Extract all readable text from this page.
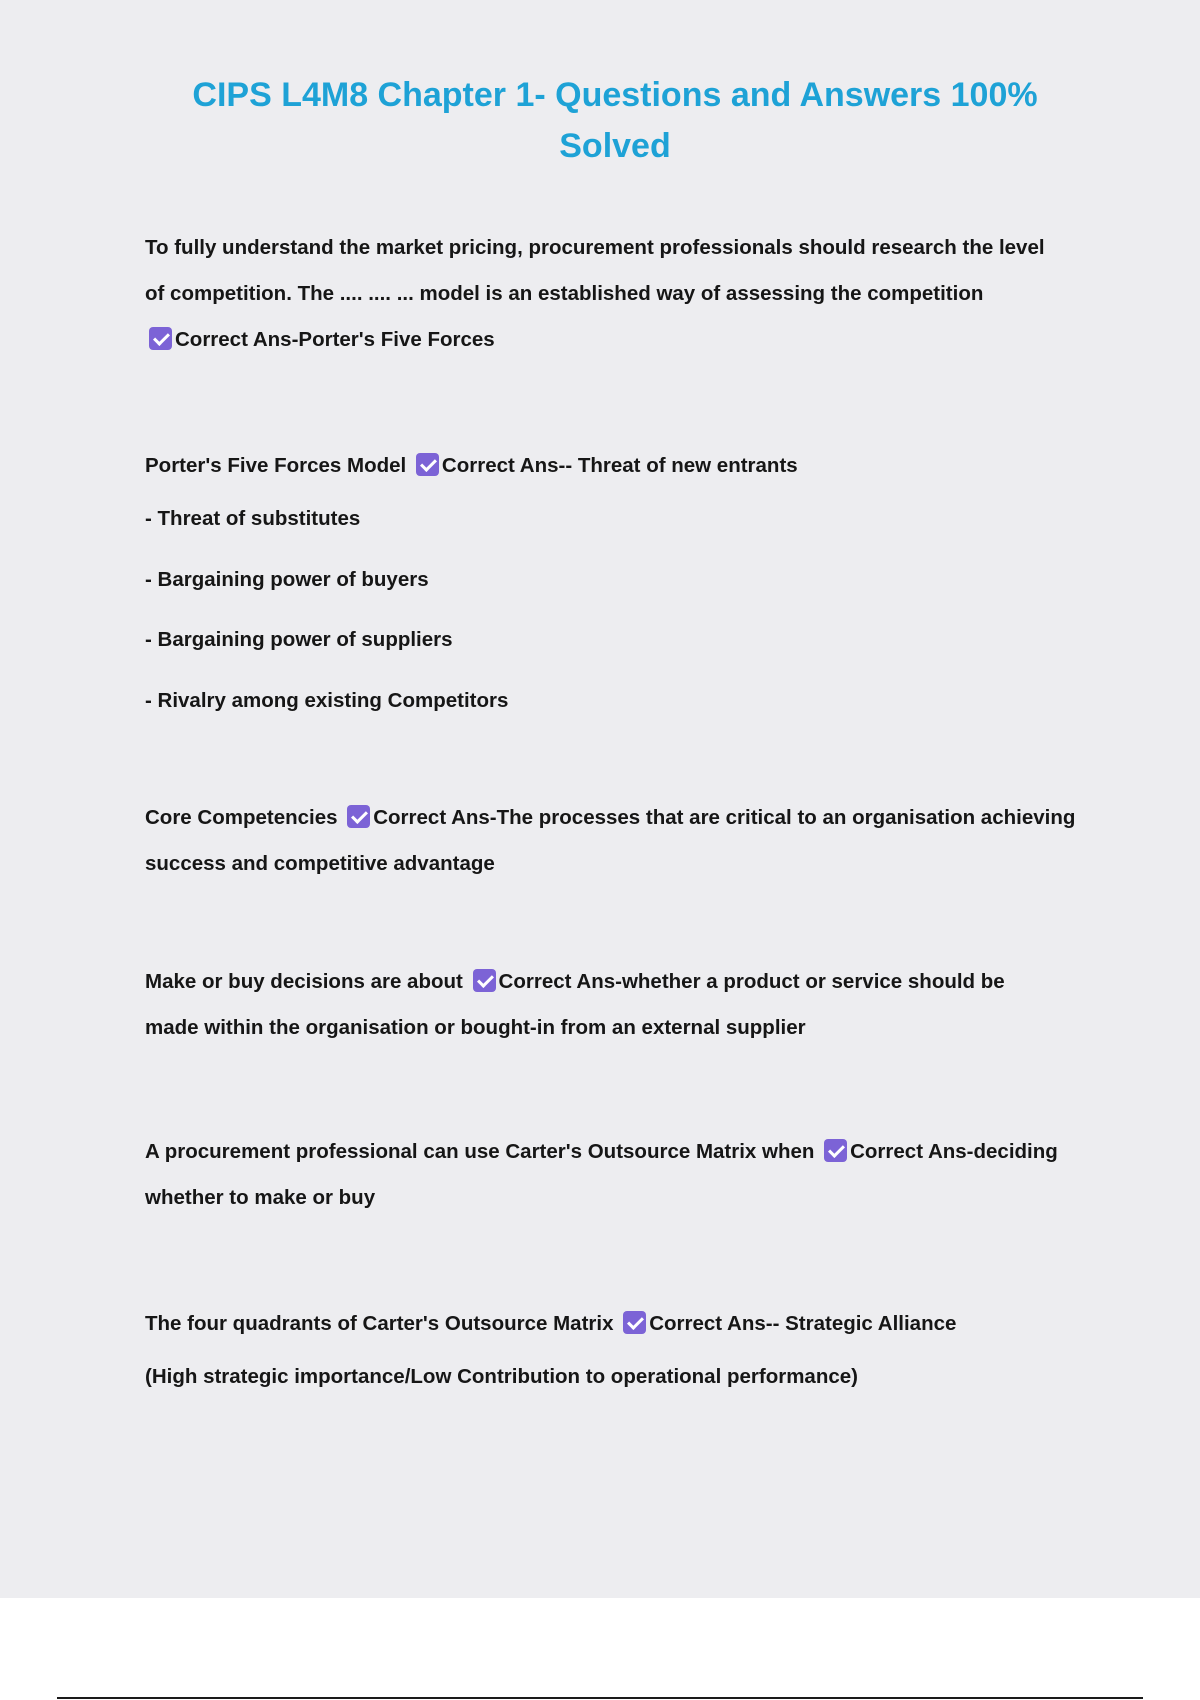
CIPS L4M8 Chapter 1- Questions and Answers 100% Solved
To fully understand the market pricing, procurement professionals should research the level
of competition. The .... .... ... model is an established way of assessing the competition
Correct Ans-Porter's Five Forces
Porter's Five Forces Model Correct Ans-- Threat of new entrants
- Threat of substitutes
- Bargaining power of buyers
- Bargaining power of suppliers
- Rivalry among existing Competitors
Core Competencies Correct Ans-The processes that are critical to an organisation achieving
success and competitive advantage
Make or buy decisions are about Correct Ans-whether a product or service should be
made within the organisation or bought-in from an external supplier
A procurement professional can use Carter's Outsource Matrix when Correct Ans-deciding
whether to make or buy
The four quadrants of Carter's Outsource Matrix Correct Ans-- Strategic Alliance
(High strategic importance/Low Contribution to operational performance)
